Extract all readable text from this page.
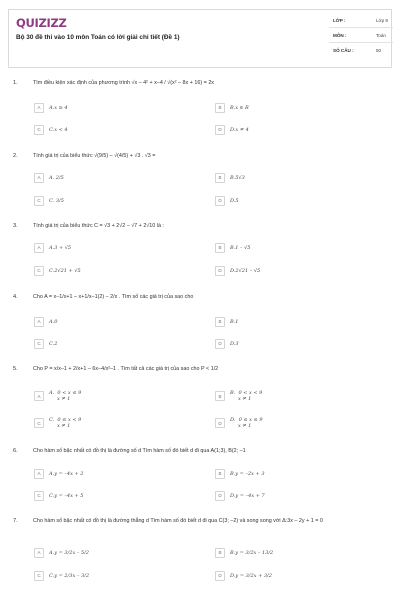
QUIZIZZ
Bộ 30 đề thi vào 10 môn Toán có lời giải chi tiết (Đề 1)
LỚP :	Lớp 9
MÔN :	Toán
SỐ CÂU :	50
1.	Tìm điều kiện xác định của phương trình √x – 4² + x–4 / √(x² – 8x + 16) = 2x
A	A.x ≥ 4	B	B.x ∈ R
C	C.x < 4	D	D.x ≠ 4
2.	Tính giá trị của biểu thức √(9/5) – √(4/5) + √3 . √3 =
A	A. 2/5	B	B.5√3
C	C. 3/5	D	D.5
3.	Tính giá trị của biểu thức C = √3 + 2√2 – √7 + 2√10 là :
A	A.3 + √5	B	B.1 – √5
C	C.2√21 + √5	D	D.2√21 – √5
4.	Cho A = x–1/x+1 – x+1/x–1(2) – 2/x . Tìm số các giá trị của sao cho
A	A.0	B	B.1
C	C.2	D	D.3
5.	Cho P = x/x–1 + 2/x+1 – 6x–4/x²–1 . Tìm tất cả các giá trị của sao cho P < 1/2
A
A.  0 < x ≤ 9
x ≠ 1	B
B.  0 < x < 9
x ≠ 1
C
C.  0 ≤ x < 9
x ≠ 1	D
D.  0 ≤ x ≤ 9
x ≠ 1
6.	Cho hàm số bậc nhất có đồ thị là đường số d Tìm hàm số đó biết d đi qua A(1;3), B(2; –1
A	A.y = –4x + 2	B	B.y = –2x + 3
C	C.y = –4x + 5	D	D.y = –4x + 7
7.	Cho hàm số bậc nhất có đồ thị là đường thẳng d Tìm hàm số đó biết d đi qua C(3; –2) và song song với Δ:3x – 2y + 1 = 0
A	A.y = 3/2x – 5/2	B	B.y = 3/2x – 13/2
C	C.y = 2/3x – 3/2	D	D.y = 3/2x + 3/2
